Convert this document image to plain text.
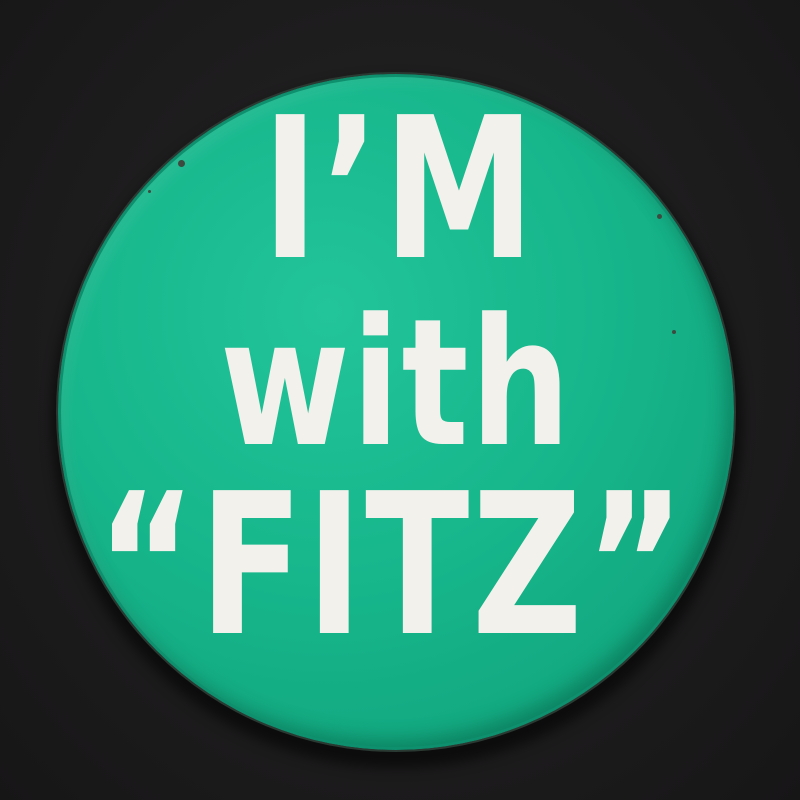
I’M
with
“FITZ”
